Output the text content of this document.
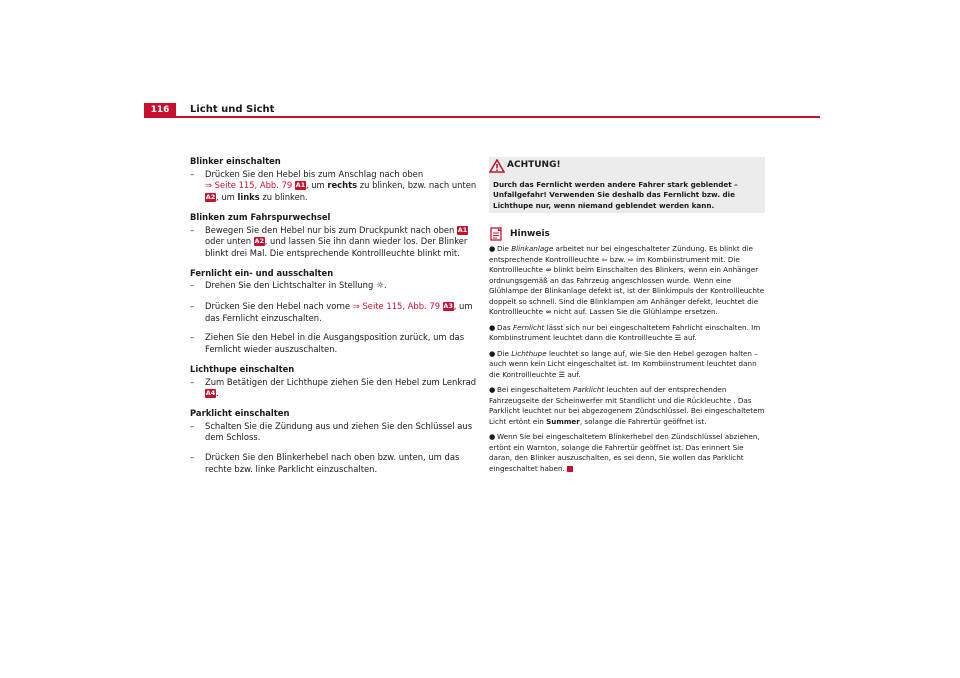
116	Licht und Sicht
Blinker einschalten
– Drücken Sie den Hebel bis zum Anschlag nach oben
⇒ Seite 115, Abb. 79 A1, um rechts zu blinken, bzw. nach unten
A2, um links zu blinken.
Blinken zum Fahrspurwechsel
– Bewegen Sie den Hebel nur bis zum Druckpunkt nach oben A1
oder unten A2, und lassen Sie ihn dann wieder los. Der Blinker blinkt drei Mal. Die entsprechende Kontrollleuchte blinkt mit.
Fernlicht ein- und ausschalten
– Drehen Sie den Lichtschalter in Stellung ☼.
– Drücken Sie den Hebel nach vorne ⇒ Seite 115, Abb. 79 A3, um das Fernlicht einzuschalten.
– Ziehen Sie den Hebel in die Ausgangsposition zurück, um das Fernlicht wieder auszuschalten.
Lichthupe einschalten
– Zum Betätigen der Lichthupe ziehen Sie den Hebel zum Lenkrad
A4.
Parklicht einschalten
– Schalten Sie die Zündung aus und ziehen Sie den Schlüssel aus dem Schloss.
– Drücken Sie den Blinkerhebel nach oben bzw. unten, um das rechte bzw. linke Parklicht einzuschalten.
ACHTUNG!
Durch das Fernlicht werden andere Fahrer stark geblendet – Unfallgefahr! Verwenden Sie deshalb das Fernlicht bzw. die Lichthupe nur, wenn niemand geblendet werden kann.
Hinweis

● Die Blinkanlage arbeitet nur bei eingeschalteter Zündung. Es blinkt die entsprechende Kontrollleuchte ⇦ bzw. ⇨ im Kombiinstrument mit. Die Kontrollleuchte ⇎ blinkt beim Einschalten des Blinkers, wenn ein Anhänger ordnungsgemäß an das Fahrzeug angeschlossen wurde. Wenn eine Glühlampe der Blinkanlage defekt ist, ist der Blinkimpuls der Kontrollleuchte doppelt so schnell. Sind die Blinklampen am Anhänger defekt, leuchtet die Kontrollleuchte ⇎ nicht auf. Lassen Sie die Glühlampe ersetzen.

● Das Fernlicht lässt sich nur bei eingeschaltetem Fahrlicht einschalten. Im Kombiinstrument leuchtet dann die Kontrollleuchte ☰ auf.

● Die Lichthupe leuchtet so lange auf, wie Sie den Hebel gezogen halten – auch wenn kein Licht eingeschaltet ist. Im Kombiinstrument leuchtet dann die Kontrollleuchte ☰ auf.

● Bei eingeschaltetem Parklicht leuchten auf der entsprechenden Fahrzeugseite der Scheinwerfer mit Standlicht und die Rückleuchte . Das Parklicht leuchtet nur bei abgezogenem Zündschlüssel. Bei eingeschaltetem Licht ertönt ein Summer, solange die Fahrertür geöffnet ist.

● Wenn Sie bei eingeschaltetem Blinkerhebel den Zündschlüssel abziehen, ertönt ein Warnton, solange die Fahrertür geöffnet ist. Das erinnert Sie daran, den Blinker auszuschalten, es sei denn, Sie wollen das Parklicht eingeschaltet haben.
